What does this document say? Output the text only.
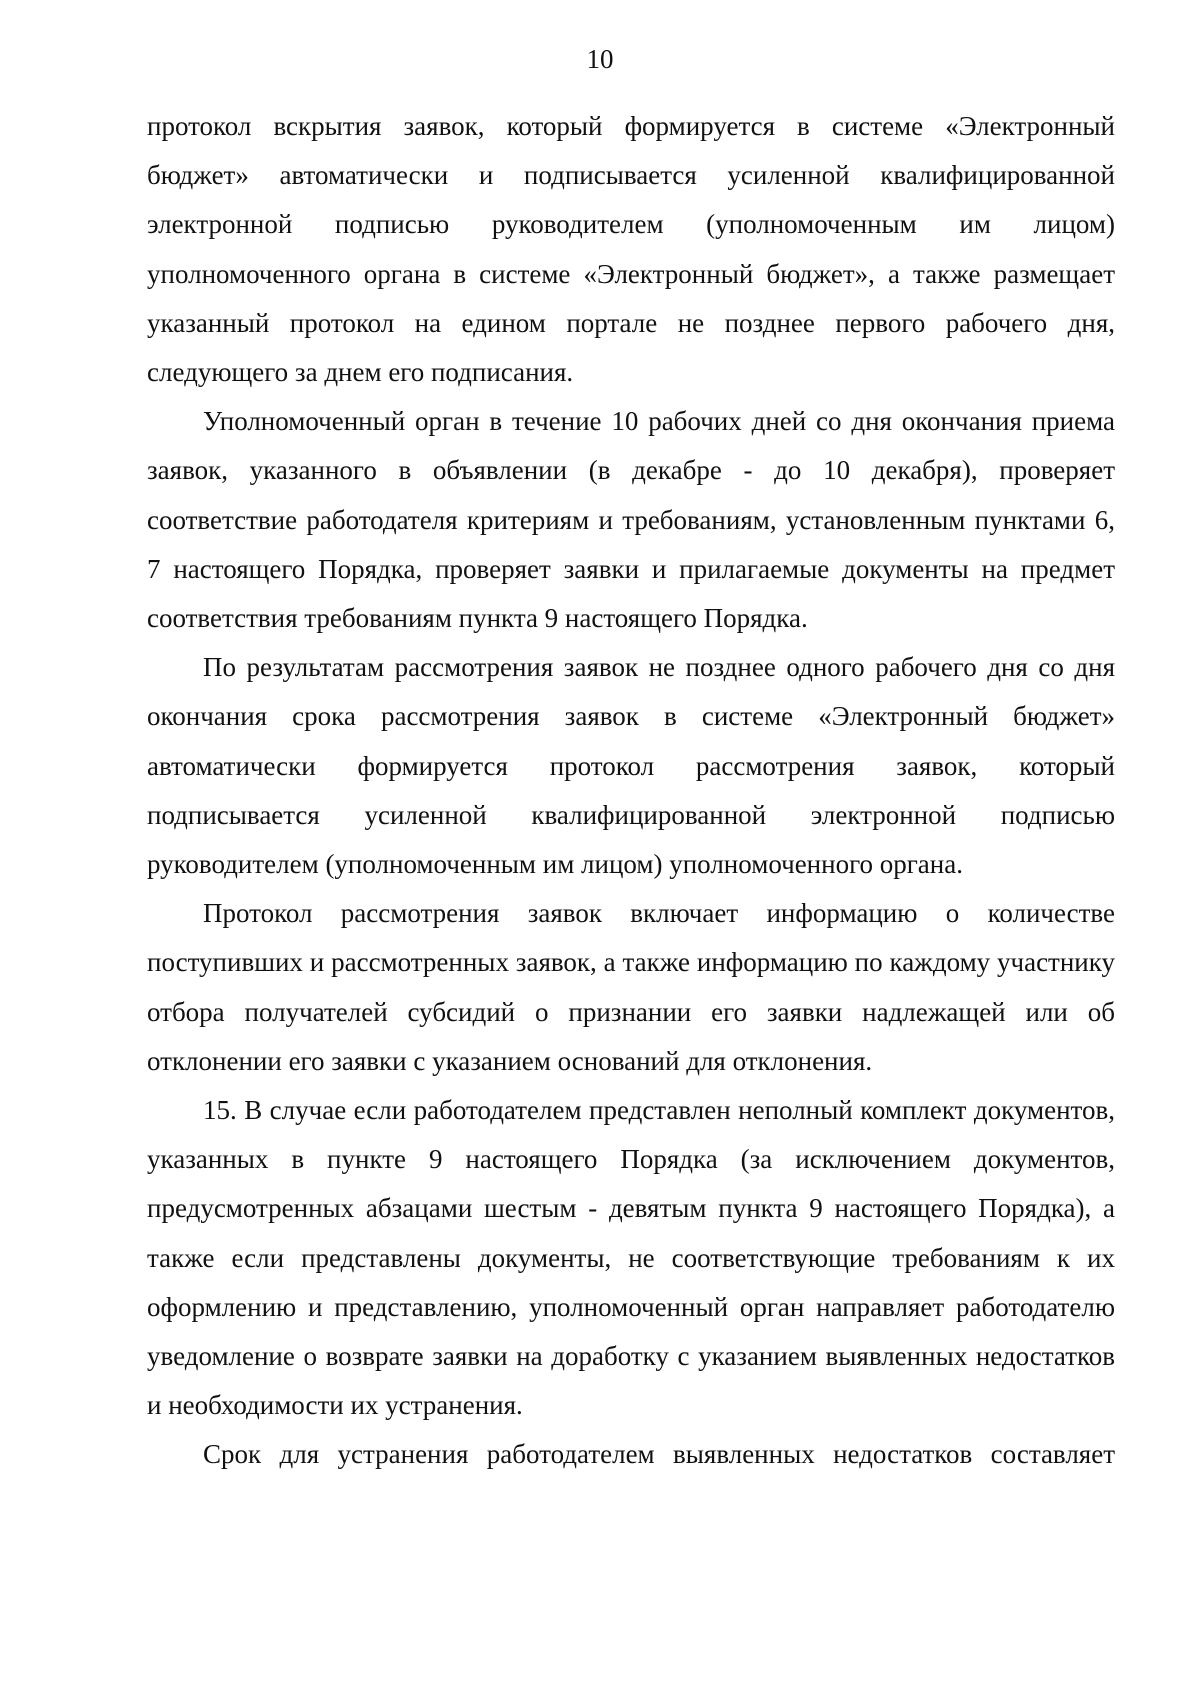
10

протокол вскрытия заявок, который формируется в системе «Электронный бюджет» автоматически и подписывается усиленной квалифицированной электронной подписью руководителем (уполномоченным им лицом) уполномоченного органа в системе «Электронный бюджет», а также размещает указанный протокол на едином портале не позднее первого рабочего дня, следующего за днем его подписания.

Уполномоченный орган в течение 10 рабочих дней со дня окончания приема заявок, указанного в объявлении (в декабре - до 10 декабря), проверяет соответствие работодателя критериям и требованиям, установленным пунктами 6, 7 настоящего Порядка, проверяет заявки и прилагаемые документы на предмет соответствия требованиям пункта 9 настоящего Порядка.

По результатам рассмотрения заявок не позднее одного рабочего дня со дня окончания срока рассмотрения заявок в системе «Электронный бюджет» автоматически формируется протокол рассмотрения заявок, который подписывается усиленной квалифицированной электронной подписью руководителем (уполномоченным им лицом) уполномоченного органа.

Протокол рассмотрения заявок включает информацию о количестве поступивших и рассмотренных заявок, а также информацию по каждому участнику отбора получателей субсидий о признании его заявки надлежащей или об отклонении его заявки с указанием оснований для отклонения.

15. В случае если работодателем представлен неполный комплект документов, указанных в пункте 9 настоящего Порядка (за исключением документов, предусмотренных абзацами шестым - девятым пункта 9 настоящего Порядка), а также если представлены документы, не соответствующие требованиям к их оформлению и представлению, уполномоченный орган направляет работодателю уведомление о возврате заявки на доработку с указанием выявленных недостатков и необходимости их устранения.

Срок для устранения работодателем выявленных недостатков составляет
